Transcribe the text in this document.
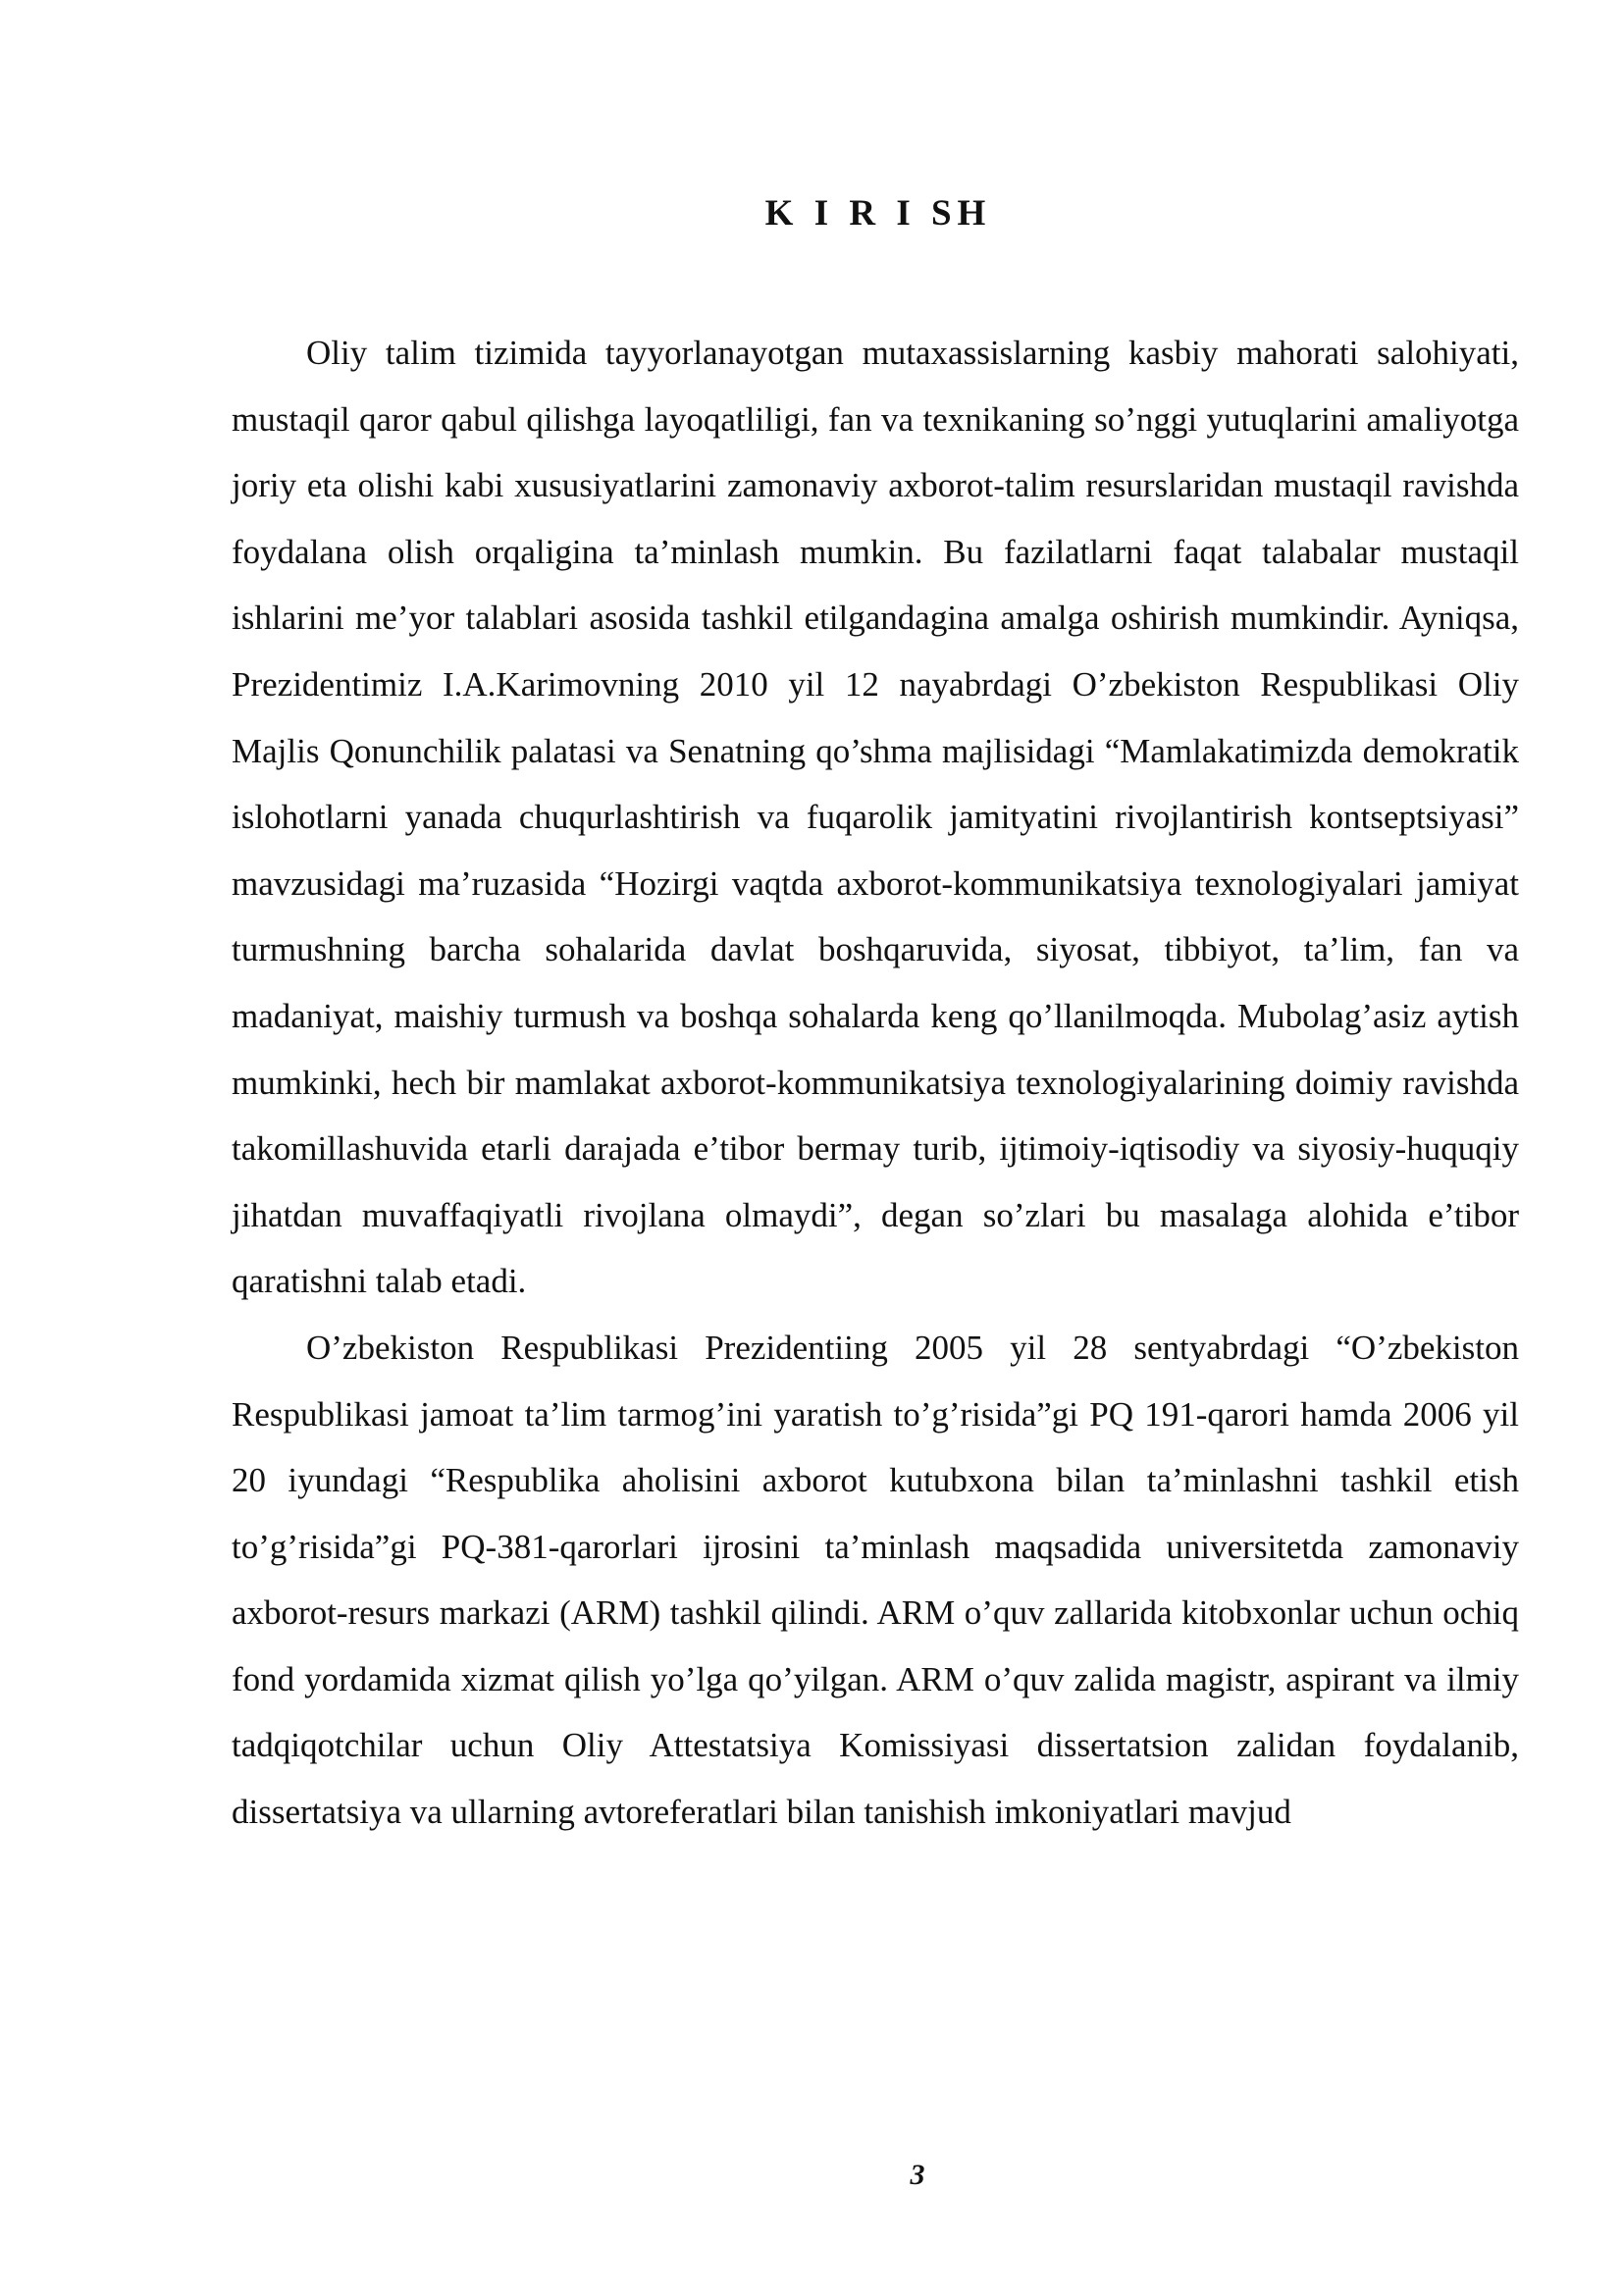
K I R I SH

Oliy talim tizimida tayyorlanayotgan mutaxassislarning kasbiy mahorati salohiyati, mustaqil qaror qabul qilishga layoqatliligi, fan va texnikaning so’nggi yutuqlarini amaliyotga joriy eta olishi kabi xususiyatlarini zamonaviy axborot-talim resurslaridan mustaqil ravishda foydalana olish orqaligina ta’minlash mumkin. Bu fazilatlarni faqat talabalar mustaqil ishlarini me’yor talablari asosida tashkil etilgandagina amalga oshirish mumkindir. Ayniqsa, Prezidentimiz I.A.Karimovning 2010 yil 12 nayabrdagi O’zbekiston Respublikasi Oliy Majlis Qonunchilik palatasi va Senatning qo’shma majlisidagi “Mamlakatimizda demokratik islohotlarni yanada chuqurlashtirish va fuqarolik jamityatini rivojlantirish kontseptsiyasi” mavzusidagi ma’ruzasida “Hozirgi vaqtda axborot-kommunikatsiya texnologiyalari jamiyat turmushning barcha sohalarida davlat boshqaruvida, siyosat, tibbiyot, ta’lim, fan va madaniyat, maishiy turmush va boshqa sohalarda keng qo’llanilmoqda. Mubolag’asiz aytish mumkinki, hech bir mamlakat axborot-kommunikatsiya texnologiyalarining doimiy ravishda takomillashuvida etarli darajada e’tibor bermay turib, ijtimoiy-iqtisodiy va siyosiy-huquqiy jihatdan muvaffaqiyatli rivojlana olmaydi”, degan so’zlari bu masalaga alohida e’tibor qaratishni talab etadi.

O’zbekiston Respublikasi Prezidentiing 2005 yil 28 sentyabrdagi “O’zbekiston Respublikasi jamoat ta’lim tarmog’ini yaratish to’g’risida”gi PQ 191-qarori hamda 2006 yil 20 iyundagi “Respublika aholisini axborot kutubxona bilan ta’minlashni tashkil etish to’g’risida”gi PQ-381-qarorlari ijrosini ta’minlash maqsadida universitetda zamonaviy axborot-resurs markazi (ARM) tashkil qilindi. ARM o’quv zallarida kitobxonlar uchun ochiq fond yordamida xizmat qilish yo’lga qo’yilgan. ARM o’quv zalida magistr, aspirant va ilmiy tadqiqotchilar uchun Oliy Attestatsiya Komissiyasi dissertatsion zalidan foydalanib, dissertatsiya va ullarning avtoreferatlari bilan tanishish imkoniyatlari mavjud

3
